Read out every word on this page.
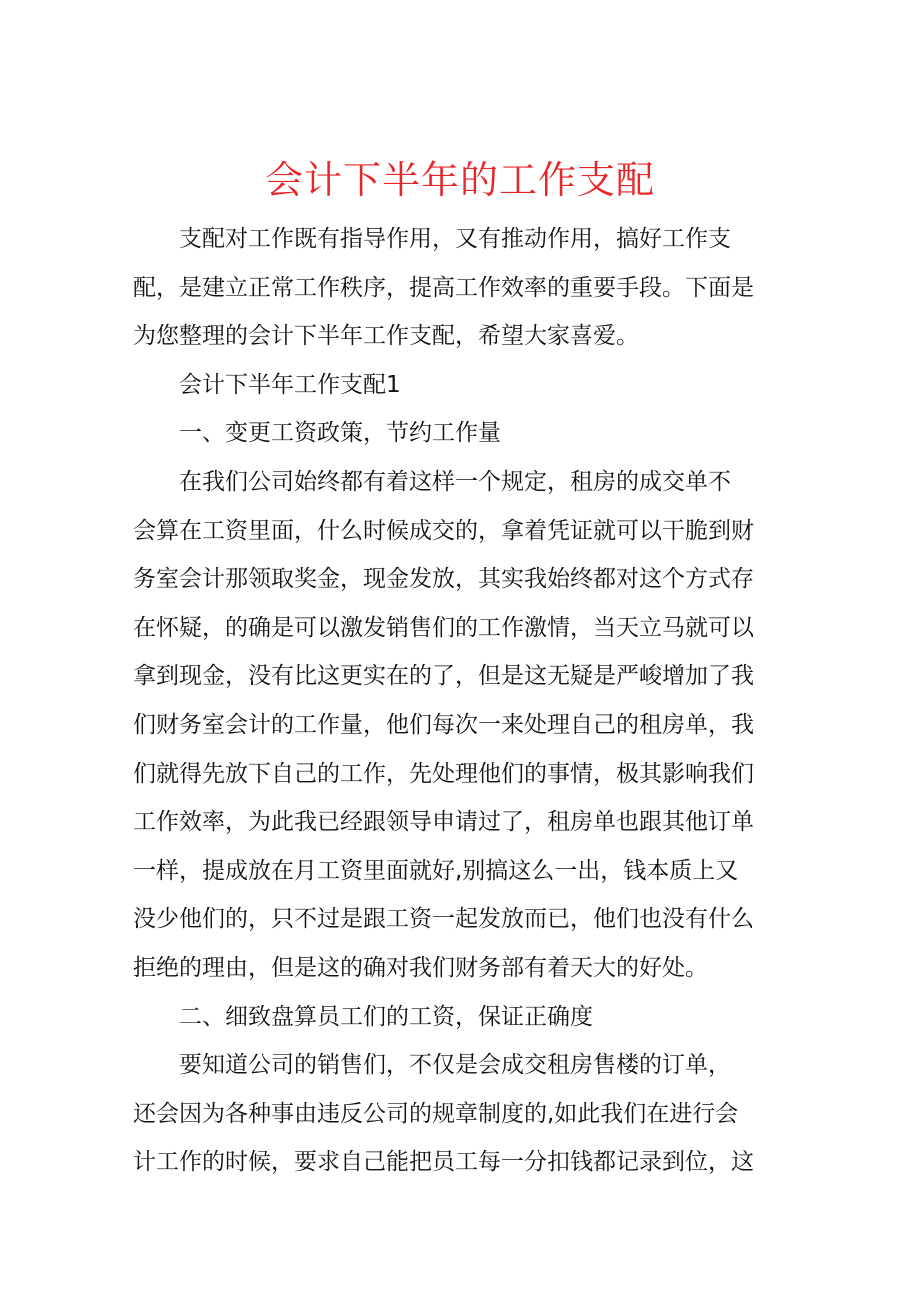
会计下半年的工作支配

支配对工作既有指导作用，又有推动作用，搞好工作支
配，是建立正常工作秩序，提高工作效率的重要手段。下面是
为您整理的会计下半年工作支配，希望大家喜爱。

会计下半年工作支配1

一、变更工资政策，节约工作量

在我们公司始终都有着这样一个规定，租房的成交单不
会算在工资里面，什么时候成交的，拿着凭证就可以干脆到财
务室会计那领取奖金，现金发放，其实我始终都对这个方式存
在怀疑，的确是可以激发销售们的工作激情，当天立马就可以
拿到现金，没有比这更实在的了，但是这无疑是严峻增加了我
们财务室会计的工作量，他们每次一来处理自己的租房单，我
们就得先放下自己的工作，先处理他们的事情，极其影响我们
工作效率，为此我已经跟领导申请过了，租房单也跟其他订单
一样，提成放在月工资里面就好,别搞这么一出，钱本质上又
没少他们的，只不过是跟工资一起发放而已，他们也没有什么
拒绝的理由，但是这的确对我们财务部有着天大的好处。

二、细致盘算员工们的工资，保证正确度

要知道公司的销售们，不仅是会成交租房售楼的订单，
还会因为各种事由违反公司的规章制度的,如此我们在进行会
计工作的时候，要求自己能把员工每一分扣钱都记录到位，这
